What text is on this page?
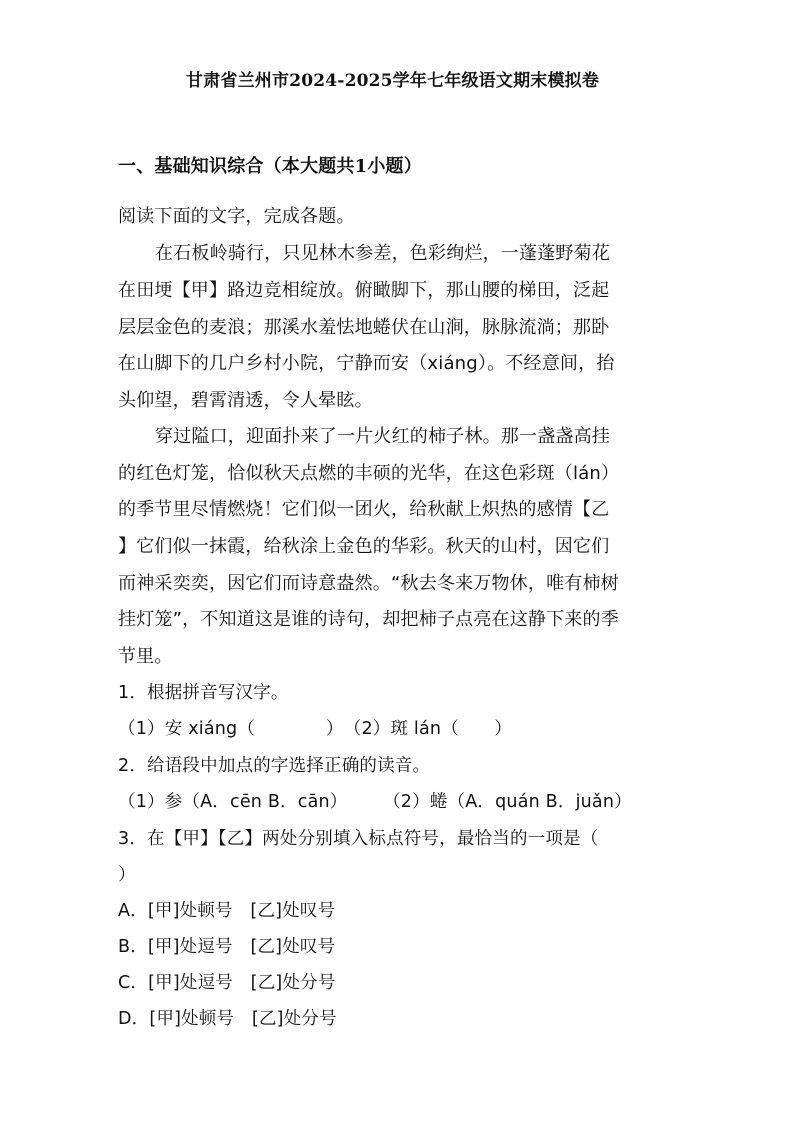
甘肃省兰州市2024-2025学年七年级语文期末模拟卷
一、基础知识综合（本大题共1小题）
阅读下面的文字，完成各题。
在石板岭骑行，只见林木参差，色彩绚烂，一蓬蓬野菊花
在田埂【甲】路边竞相绽放。俯瞰脚下，那山腰的梯田，泛起
层层金色的麦浪；那溪水羞怯地蜷伏在山涧，脉脉流淌；那卧
在山脚下的几户乡村小院，宁静而安（xiáng）。不经意间，抬
头仰望，碧霄清透，令人晕眩。
穿过隘口，迎面扑来了一片火红的柿子林。那一盏盏高挂
的红色灯笼，恰似秋天点燃的丰硕的光华，在这色彩斑（lán）
的季节里尽情燃烧！它们似一团火，给秋献上炽热的感情【乙
】它们似一抹霞，给秋涂上金色的华彩。秋天的山村，因它们
而神采奕奕，因它们而诗意盎然。“秋去冬来万物休，唯有柿树
挂灯笼”，不知道这是谁的诗句，却把柿子点亮在这静下来的季
节里。
1．根据拼音写汉字。
（1）安 xiáng（　　　　）　（2）斑 lán（　　）
2．给语段中加点的字选择正确的读音。
（1）参（A．cēn B．cān）　　　（2）蜷（A．quán B．juǎn）
3．在【甲】【乙】两处分别填入标点符号，最恰当的一项是（
）
A．[甲]处顿号　[乙]处叹号
B．[甲]处逗号　[乙]处叹号
C．[甲]处逗号　[乙]处分号
D．[甲]处顿号　[乙]处分号
